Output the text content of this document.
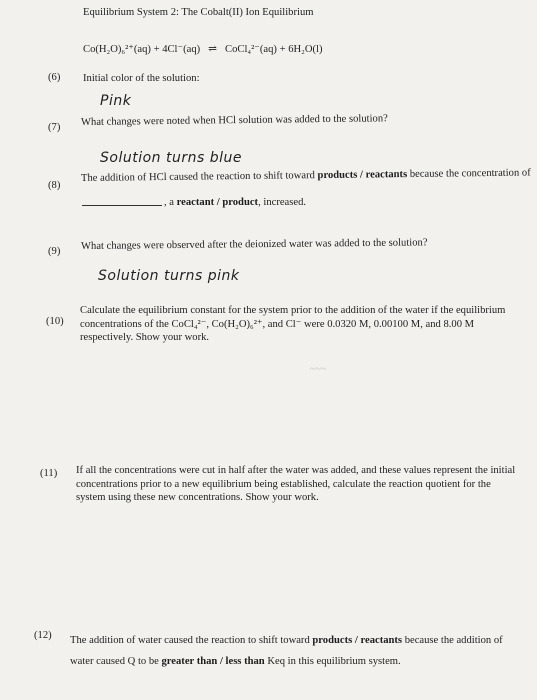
Equilibrium System 2: The Cobalt(II) Ion Equilibrium
Co(H₂O)₆²⁺(aq) + 4Cl⁻(aq) ⇌ CoCl₄²⁻(aq) + 6H₂O(l)
(6) Initial color of the solution:
Pink
(7) What changes were noted when HCl solution was added to the solution?
Solution turns blue
(8)
The addition of HCl caused the reaction to shift toward products / reactants because the concentration of
, a reactant / product, increased.
(9) What changes were observed after the deionized water was added to the solution?
Solution turns pink
(10)
Calculate the equilibrium constant for the system prior to the addition of the water if the equilibrium concentrations of the CoCl₄²⁻, Co(H₂O)₆²⁺, and Cl⁻ were 0.0320 M, 0.00100 M, and 8.00 M respectively. Show your work.
~~~
(11) If all the concentrations were cut in half after the water was added, and these values represent the initial concentrations prior to a new equilibrium being established, calculate the reaction quotient for the system using these new concentrations. Show your work.
(12) The addition of water caused the reaction to shift toward products / reactants because the addition of water caused Q to be greater than / less than Keq in this equilibrium system.
